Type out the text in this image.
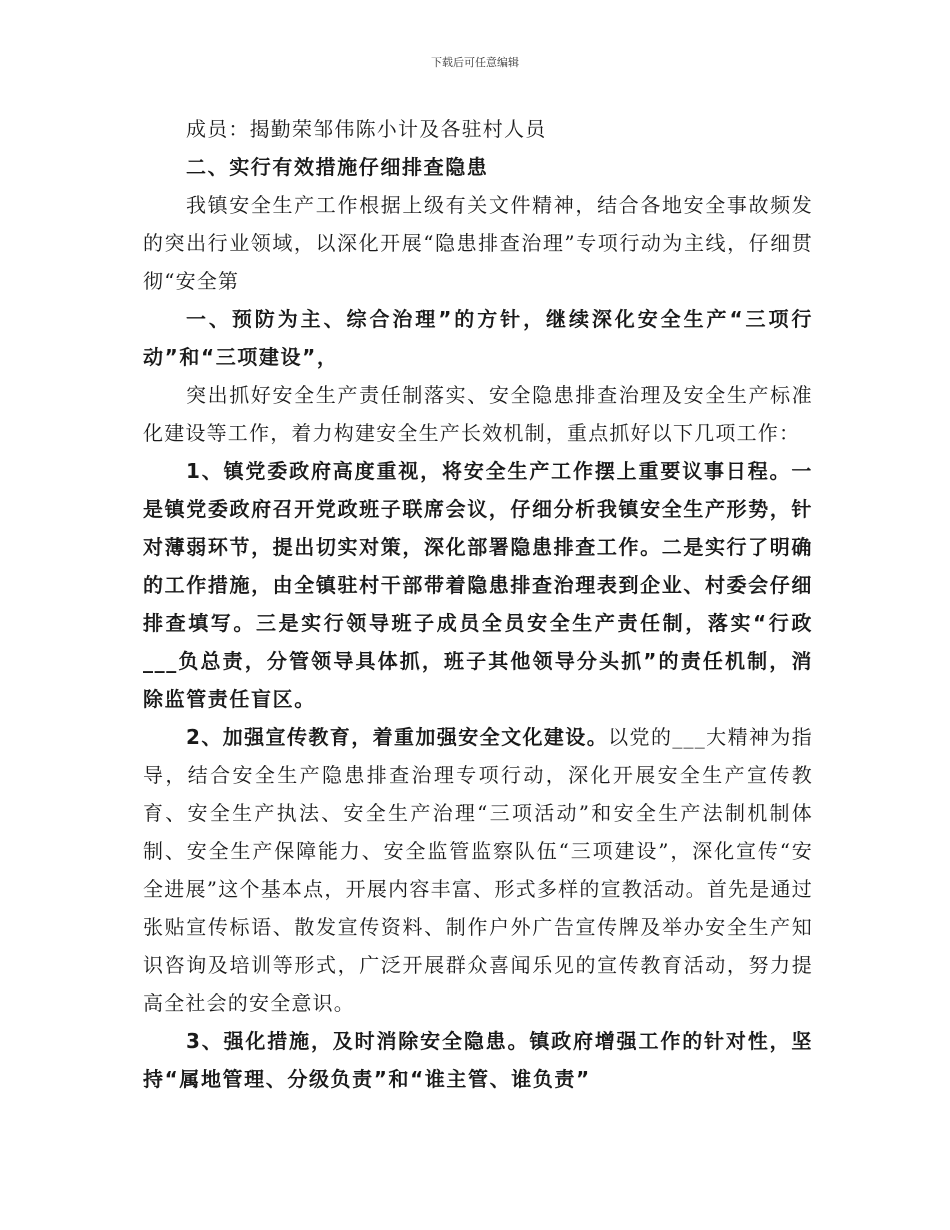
下载后可任意编辑

成员：揭勤荣邹伟陈小计及各驻村人员

二、实行有效措施仔细排查隐患

我镇安全生产工作根据上级有关文件精神，结合各地安全事故频发的突出行业领域，以深化开展“隐患排查治理”专项行动为主线，仔细贯彻“安全第

一、预防为主、综合治理”的方针，继续深化安全生产“三项行动”和“三项建设”，

突出抓好安全生产责任制落实、安全隐患排查治理及安全生产标准化建设等工作，着力构建安全生产长效机制，重点抓好以下几项工作：

1、镇党委政府高度重视，将安全生产工作摆上重要议事日程。一是镇党委政府召开党政班子联席会议，仔细分析我镇安全生产形势，针对薄弱环节，提出切实对策，深化部署隐患排查工作。二是实行了明确的工作措施，由全镇驻村干部带着隐患排查治理表到企业、村委会仔细排查填写。三是实行领导班子成员全员安全生产责任制，落实“行政___负总责，分管领导具体抓，班子其他领导分头抓”的责任机制，消除监管责任盲区。

2、加强宣传教育，着重加强安全文化建设。以党的___大精神为指导，结合安全生产隐患排查治理专项行动，深化开展安全生产宣传教育、安全生产执法、安全生产治理“三项活动”和安全生产法制机制体制、安全生产保障能力、安全监管监察队伍“三项建设”，深化宣传“安全进展”这个基本点，开展内容丰富、形式多样的宣教活动。首先是通过张贴宣传标语、散发宣传资料、制作户外广告宣传牌及举办安全生产知识咨询及培训等形式，广泛开展群众喜闻乐见的宣传教育活动，努力提高全社会的安全意识。

3、强化措施，及时消除安全隐患。镇政府增强工作的针对性，坚持“属地管理、分级负责”和“谁主管、谁负责”
